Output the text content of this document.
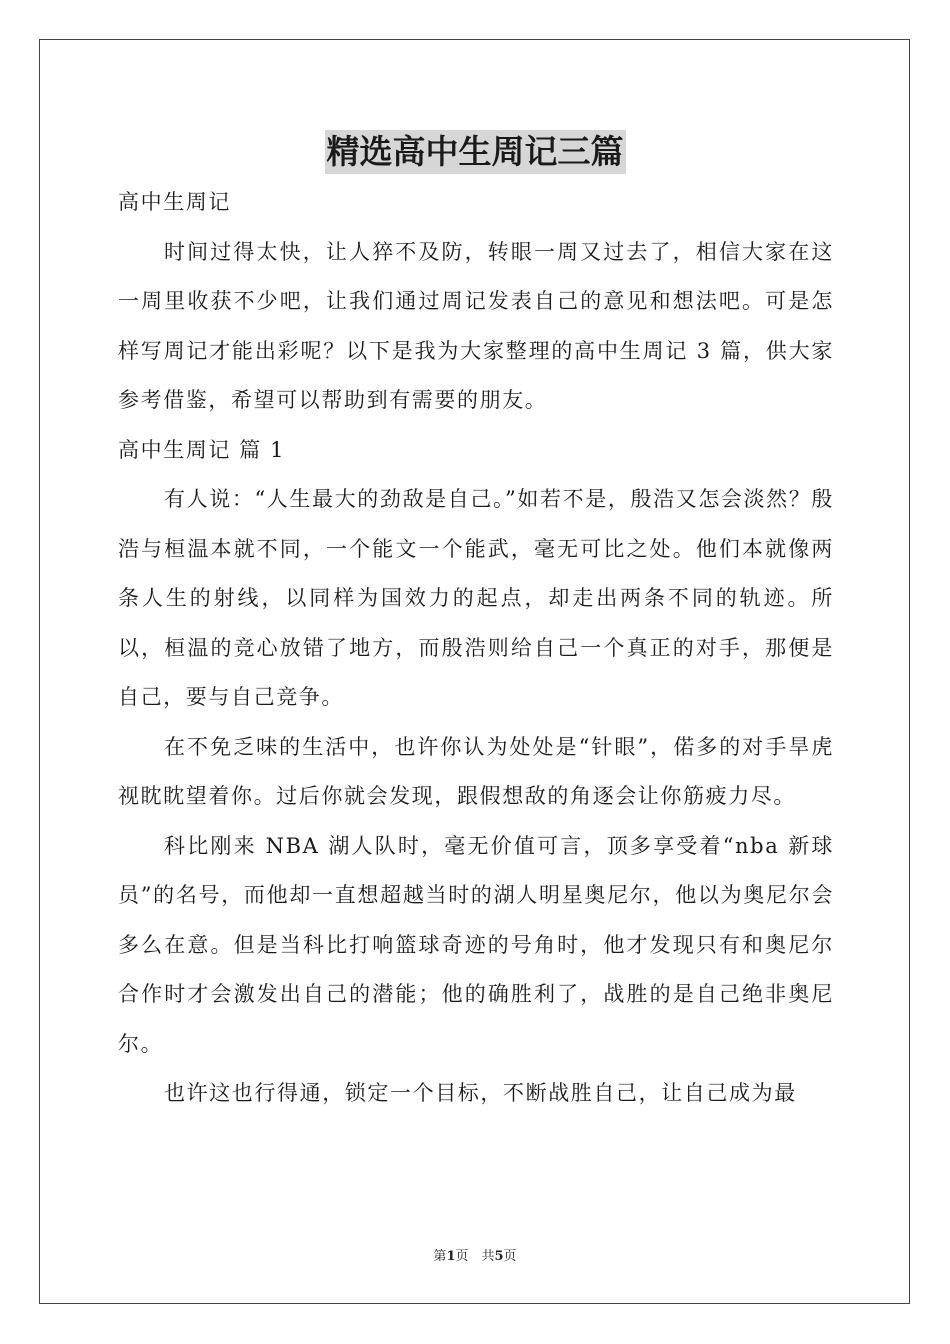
精选高中生周记三篇

高中生周记

时间过得太快，让人猝不及防，转眼一周又过去了，相信大家在这一周里收获不少吧，让我们通过周记发表自己的意见和想法吧。可是怎样写周记才能出彩呢？以下是我为大家整理的高中生周记 3 篇，供大家参考借鉴，希望可以帮助到有需要的朋友。

高中生周记 篇 1

有人说：“人生最大的劲敌是自己。”如若不是，殷浩又怎会淡然？殷浩与桓温本就不同，一个能文一个能武，毫无可比之处。他们本就像两条人生的射线，以同样为国效力的起点，却走出两条不同的轨迹。所以，桓温的竞心放错了地方，而殷浩则给自己一个真正的对手，那便是自己，要与自己竞争。

在不免乏味的生活中，也许你认为处处是“针眼”，偌多的对手旱虎视眈眈望着你。过后你就会发现，跟假想敌的角逐会让你筋疲力尽。

科比刚来 NBA 湖人队时，毫无价值可言，顶多享受着“nba 新球员”的名号，而他却一直想超越当时的湖人明星奥尼尔，他以为奥尼尔会多么在意。但是当科比打响篮球奇迹的号角时，他才发现只有和奥尼尔合作时才会激发出自己的潜能；他的确胜利了，战胜的是自己绝非奥尼尔。

也许这也行得通，锁定一个目标，不断战胜自己，让自己成为最

第1页　共5页
